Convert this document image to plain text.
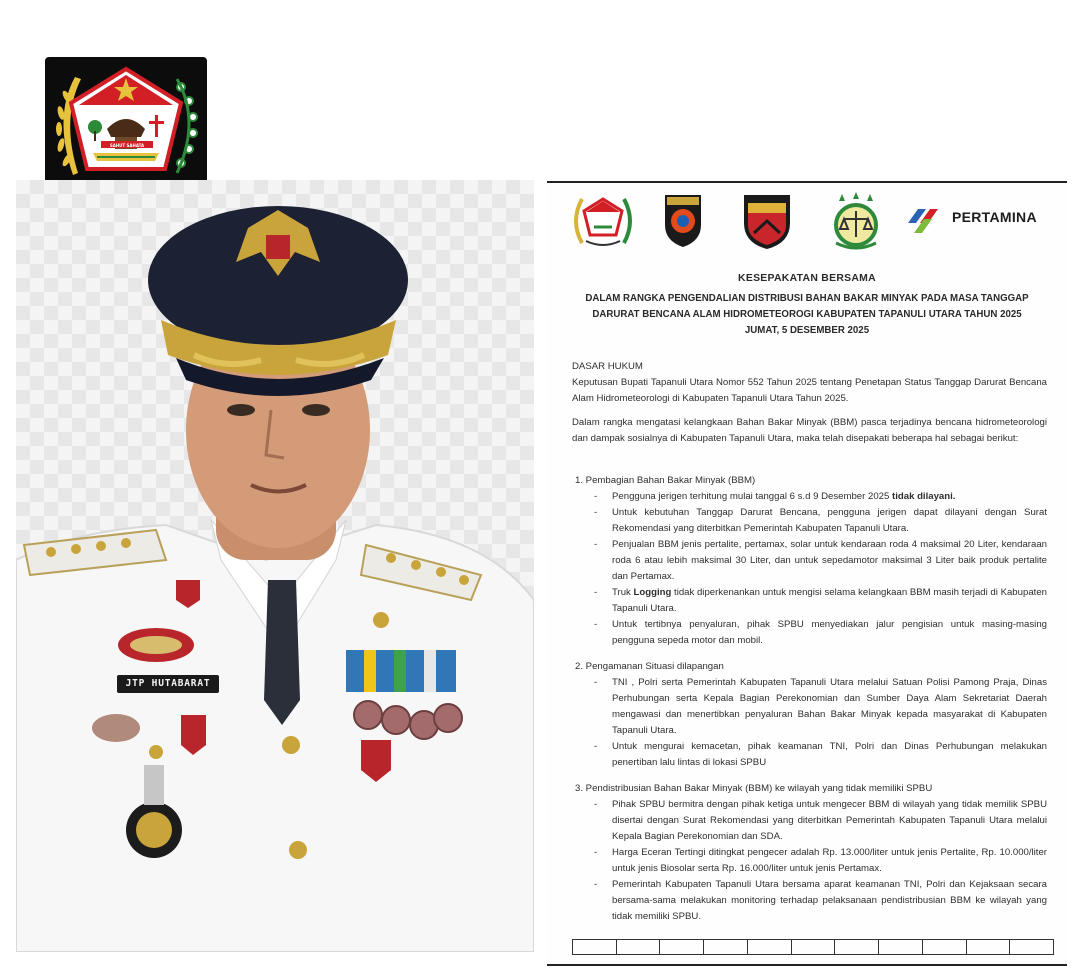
SAHUT SAHATA
JTP HUTABARAT
PERTAMINA
KESEPAKATAN BERSAMA
DALAM RANGKA PENGENDALIAN DISTRIBUSI BAHAN BAKAR MINYAK PADA MASA TANGGAP
DARURAT BENCANA ALAM HIDROMETEOROGI KABUPATEN TAPANULI UTARA TAHUN 2025
JUMAT, 5 DESEMBER 2025
DASAR HUKUM
Keputusan Bupati Tapanuli Utara Nomor 552 Tahun 2025 tentang Penetapan Status Tanggap Darurat Bencana Alam Hidrometeorologi di Kabupaten Tapanuli Utara Tahun 2025.
Dalam rangka mengatasi kelangkaan Bahan Bakar Minyak (BBM) pasca terjadinya bencana hidrometeorologi dan dampak sosialnya di Kabupaten Tapanuli Utara, maka telah disepakati beberapa hal sebagai berikut:
1. Pembagian Bahan Bakar Minyak (BBM)
- Pengguna jerigen terhitung mulai tanggal 6 s.d 9 Desember 2025 tidak dilayani.
- Untuk kebutuhan Tanggap Darurat Bencana, pengguna jerigen dapat dilayani dengan Surat Rekomendasi yang diterbitkan Pemerintah Kabupaten Tapanuli Utara.
- Penjualan BBM jenis pertalite, pertamax, solar untuk kendaraan roda 4 maksimal 20 Liter, kendaraan roda 6 atau lebih maksimal 30 Liter, dan untuk sepedamotor maksimal 3 Liter baik produk pertalite dan Pertamax.
- Truk Logging tidak diperkenankan untuk mengisi selama kelangkaan BBM masih terjadi di Kabupaten Tapanuli Utara.
- Untuk tertibnya penyaluran, pihak SPBU menyediakan jalur pengisian untuk masing-masing pengguna sepeda motor dan mobil.
2. Pengamanan Situasi dilapangan
- TNI , Polri serta Pemerintah Kabupaten Tapanuli Utara melalui Satuan Polisi Pamong Praja, Dinas Perhubungan serta Kepala Bagian Perekonomian dan Sumber Daya Alam Sekretariat Daerah mengawasi dan menertibkan penyaluran Bahan Bakar Minyak kepada masyarakat di Kabupaten Tapanuli Utara.
- Untuk mengurai kemacetan, pihak keamanan TNI, Polri dan Dinas Perhubungan melakukan penertiban lalu lintas di lokasi SPBU
3. Pendistribusian Bahan Bakar Minyak (BBM) ke wilayah yang tidak memiliki SPBU
- Pihak SPBU bermitra dengan pihak ketiga untuk mengecer BBM di wilayah yang tidak memilik SPBU disertai dengan Surat Rekomendasi yang diterbitkan Pemerintah Kabupaten Tapanuli Utara melalui Kepala Bagian Perekonomian dan SDA.
- Harga Eceran Tertingi ditingkat pengecer adalah Rp. 13.000/liter untuk jenis Pertalite, Rp. 10.000/liter untuk jenis Biosolar serta Rp. 16.000/liter untuk jenis Pertamax.
- Pemerintah Kabupaten Tapanuli Utara bersama aparat keamanan TNI, Polri dan Kejaksaan secara bersama-sama melakukan monitoring terhadap pelaksanaan pendistribusian BBM ke wilayah yang tidak memiliki SPBU.
